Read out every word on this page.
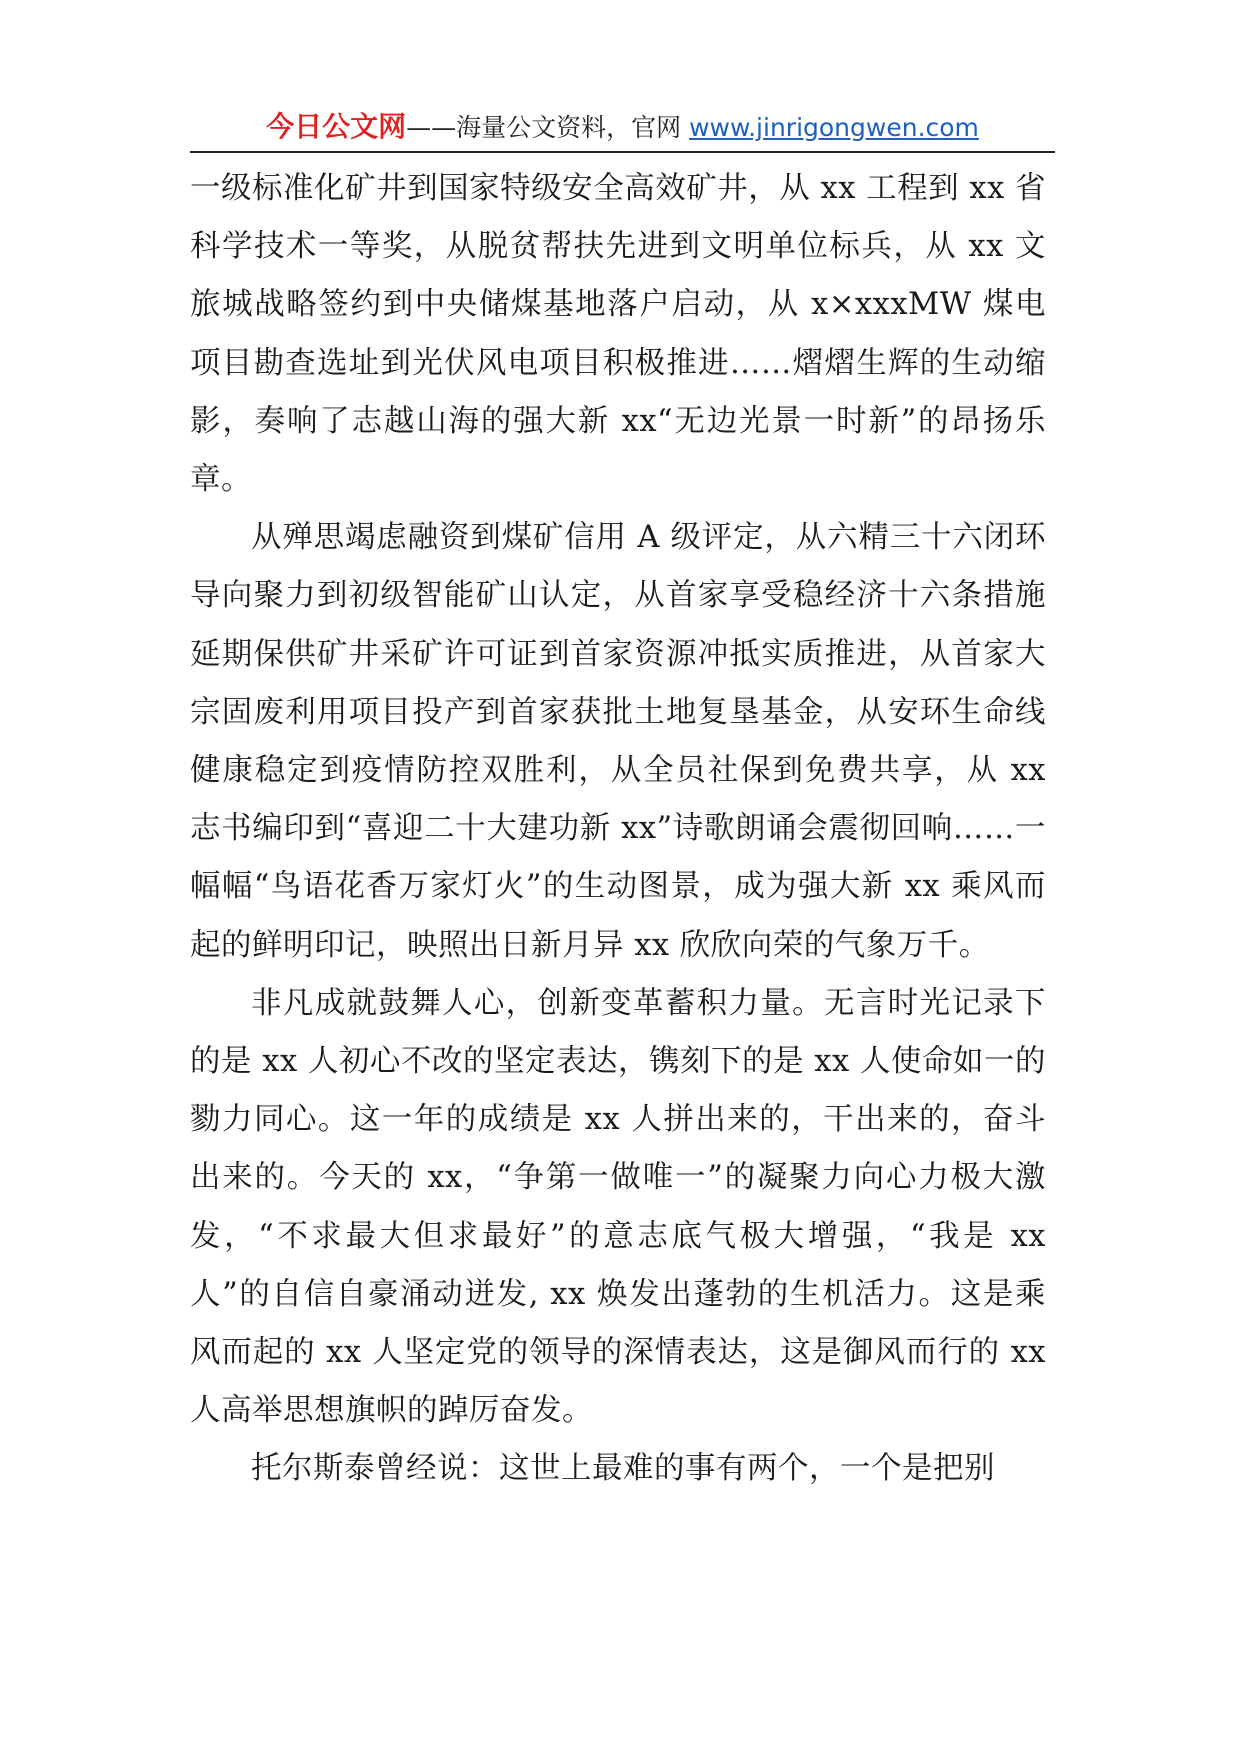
今日公文网——海量公文资料，官网 www.jinrigongwen.com

一级标准化矿井到国家特级安全高效矿井，从 xx 工程到 xx 省科学技术一等奖，从脱贫帮扶先进到文明单位标兵，从 xx 文旅城战略签约到中央储煤基地落户启动，从 x×xxxMW 煤电项目勘查选址到光伏风电项目积极推进……熠熠生辉的生动缩影，奏响了志越山海的强大新 xx“无边光景一时新”的昂扬乐章。

从殚思竭虑融资到煤矿信用 A 级评定，从六精三十六闭环导向聚力到初级智能矿山认定，从首家享受稳经济十六条措施延期保供矿井采矿许可证到首家资源冲抵实质推进，从首家大宗固废利用项目投产到首家获批土地复垦基金，从安环生命线健康稳定到疫情防控双胜利，从全员社保到免费共享，从 xx 志书编印到“喜迎二十大建功新 xx”诗歌朗诵会震彻回响……一幅幅“鸟语花香万家灯火”的生动图景，成为强大新 xx 乘风而起的鲜明印记，映照出日新月异 xx 欣欣向荣的气象万千。

非凡成就鼓舞人心，创新变革蓄积力量。无言时光记录下的是 xx 人初心不改的坚定表达，镌刻下的是 xx 人使命如一的勠力同心。这一年的成绩是 xx 人拼出来的，干出来的，奋斗出来的。今天的 xx，“争第一做唯一”的凝聚力向心力极大激发，“不求最大但求最好”的意志底气极大增强，“我是 xx 人”的自信自豪涌动迸发, xx 焕发出蓬勃的生机活力。这是乘风而起的 xx 人坚定党的领导的深情表达，这是御风而行的 xx 人高举思想旗帜的踔厉奋发。

托尔斯泰曾经说：这世上最难的事有两个，一个是把别
